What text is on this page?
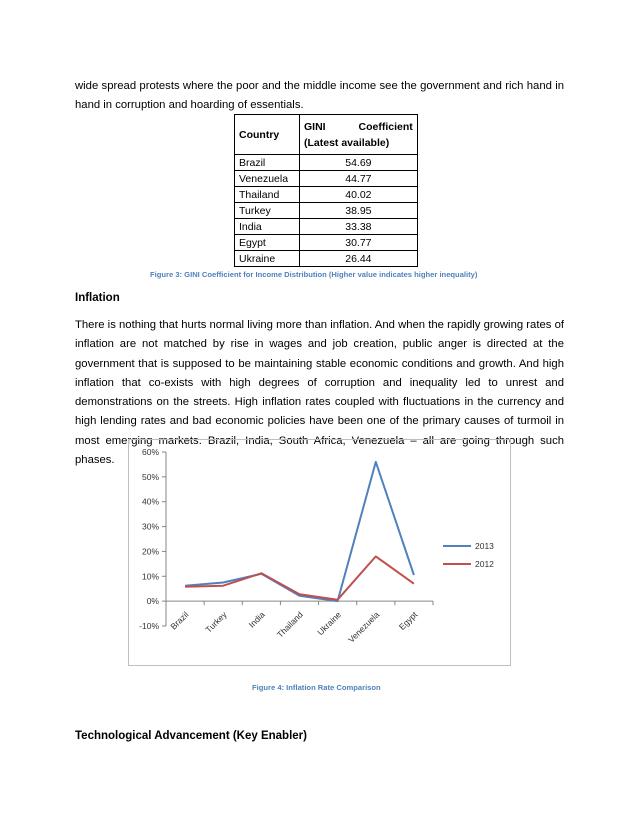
wide spread protests where the poor and the middle income see the government and rich hand in hand in corruption and hoarding of essentials.

Country	GINI Coefficient
(Latest available)

Brazil	54.69
Venezuela	44.77
Thailand	40.02
Turkey	38.95
India	33.38
Egypt	30.77
Ukraine	26.44
Figure 3: GINI Coefficient for Income Distribution (Higher value indicates higher inequality)

Inflation

There is nothing that hurts normal living more than inflation. And when the rapidly growing rates of inflation are not matched by rise in wages and job creation, public anger is directed at the government that is supposed to be maintaining stable economic conditions and growth. And high inflation that co-exists with high degrees of corruption and inequality led to unrest and demonstrations on the streets. High inflation rates coupled with fluctuations in the currency and high lending rates and bad economic policies have been one of the primary causes of turmoil in most emerging markets. Brazil, India, South Africa, Venezuela – all are going through such phases.

-10%
0%
10%
20%
30%
40%
50%
60%
Brazil Turkey India Thailand Ukraine Venezuela Egypt
2013
2012
Figure 4: Inflation Rate Comparison

Technological Advancement (Key Enabler)
